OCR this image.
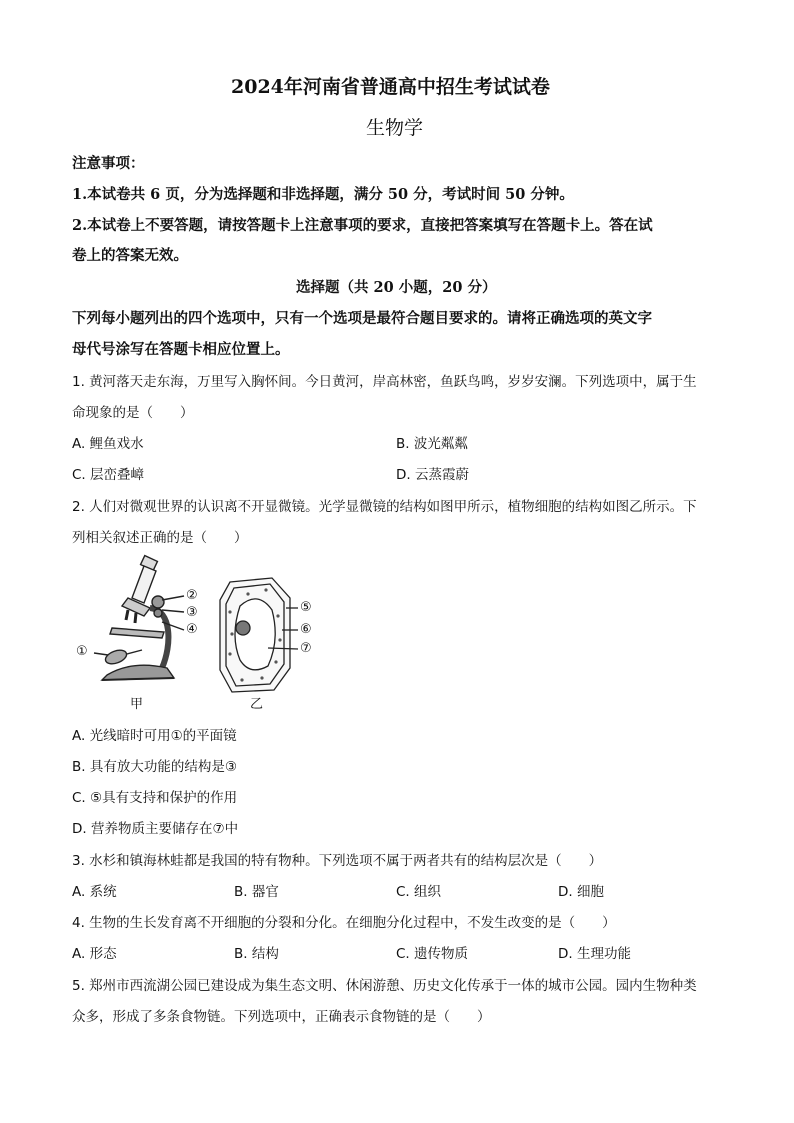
2024年河南省普通高中招生考试试卷
生物学
注意事项：
1.本试卷共 6 页，分为选择题和非选择题，满分 50 分，考试时间 50 分钟。
2.本试卷上不要答题，请按答题卡上注意事项的要求，直接把答案填写在答题卡上。答在试
卷上的答案无效。
选择题（共 20 小题，20 分）
下列每小题列出的四个选项中，只有一个选项是最符合题目要求的。请将正确选项的英文字
母代号涂写在答题卡相应位置上。
1. 黄河落天走东海，万里写入胸怀间。今日黄河，岸高林密，鱼跃鸟鸣，岁岁安澜。下列选项中，属于生
命现象的是（　　）
A. 鲤鱼戏水	B. 波光粼粼
C. 层峦叠嶂	D. 云蒸霞蔚
2. 人们对微观世界的认识离不开显微镜。光学显微镜的结构如图甲所示，植物细胞的结构如图乙所示。下
列相关叙述正确的是（　　）
①
②
③
④
⑤
⑥
⑦
甲	乙
A. 光线暗时可用①的平面镜
B. 具有放大功能的结构是③
C. ⑤具有支持和保护的作用
D. 营养物质主要储存在⑦中
3. 水杉和镇海林蛙都是我国的特有物种。下列选项不属于两者共有的结构层次是（　　）
A. 系统	B. 器官	C. 组织	D. 细胞
4. 生物的生长发育离不开细胞的分裂和分化。在细胞分化过程中，不发生改变的是（　　）
A. 形态	B. 结构	C. 遗传物质	D. 生理功能
5. 郑州市西流湖公园已建设成为集生态文明、休闲游憩、历史文化传承于一体的城市公园。园内生物种类
众多，形成了多条食物链。下列选项中，正确表示食物链的是（　　）
